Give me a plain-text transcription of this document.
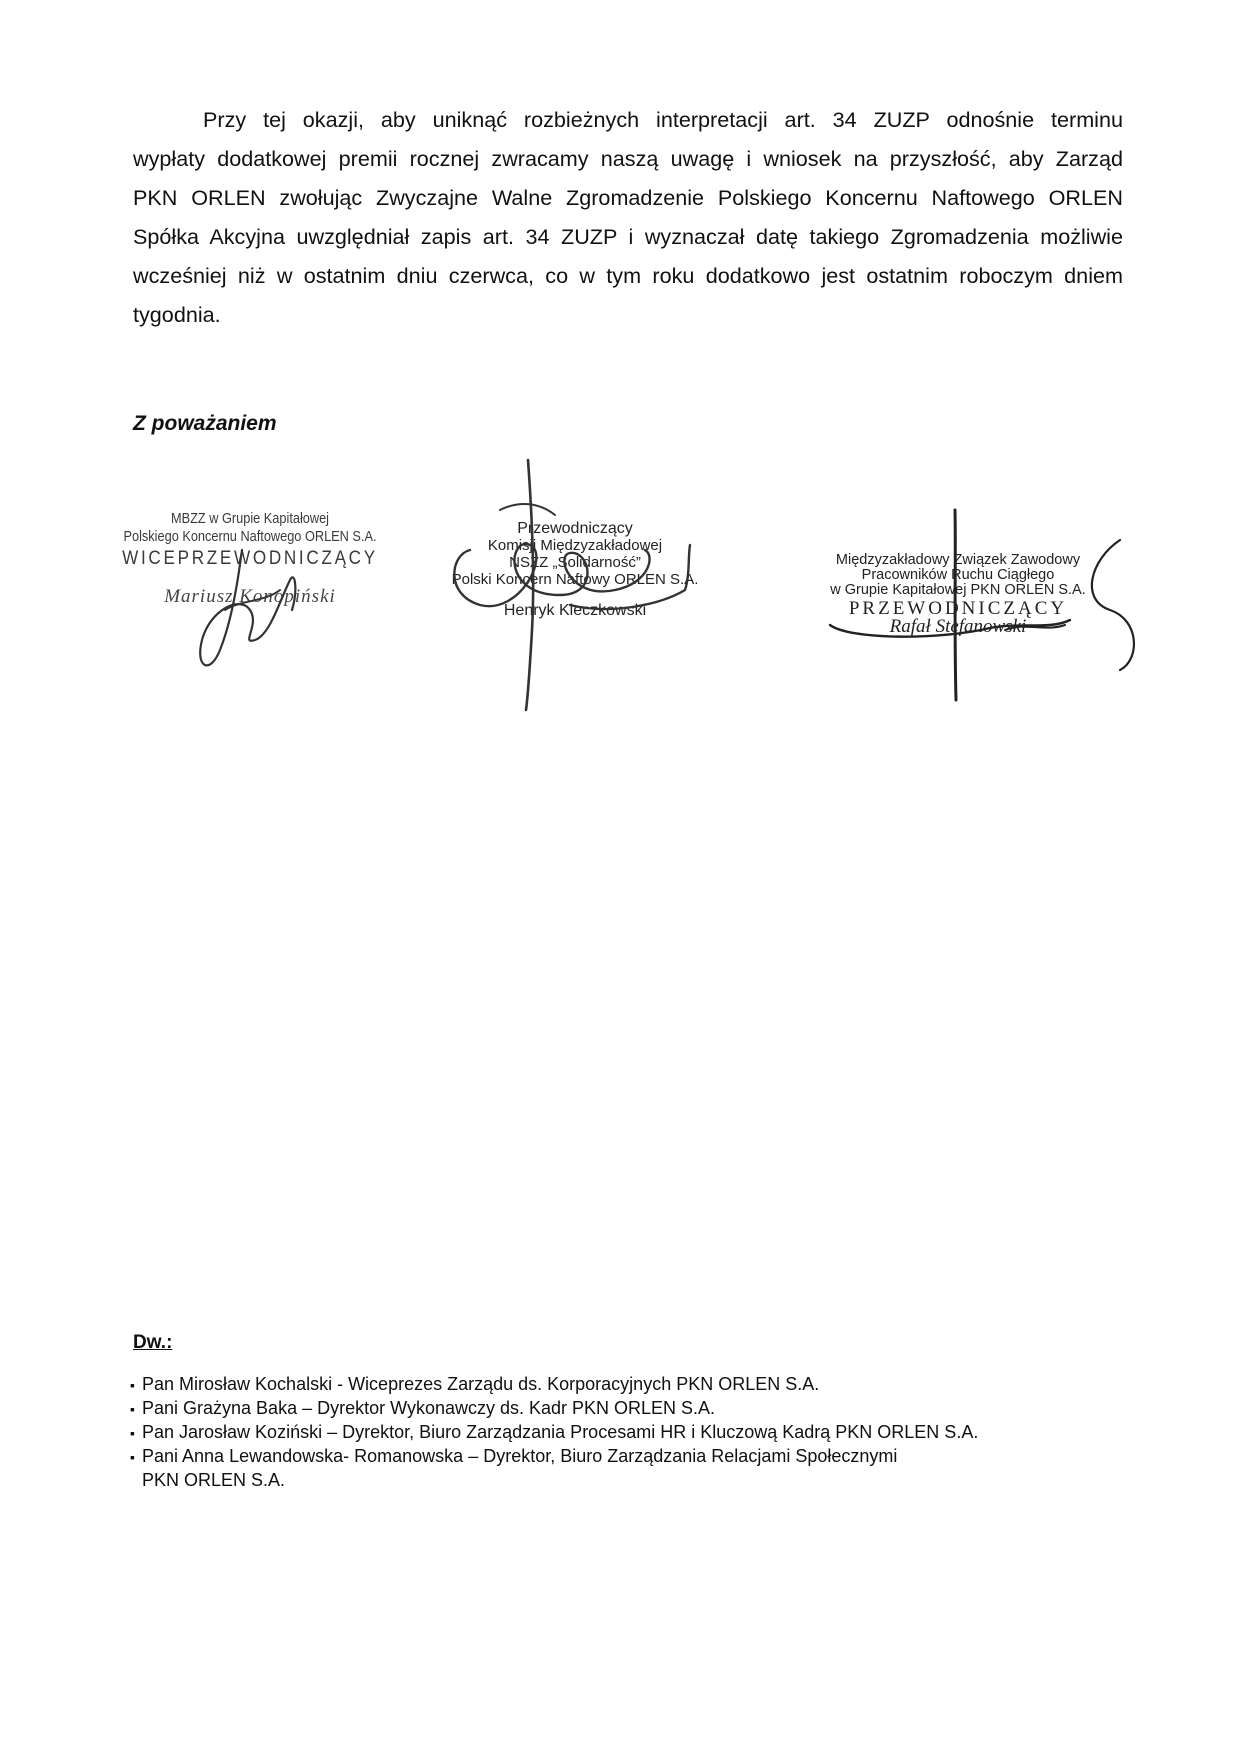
Przy tej okazji, aby uniknąć rozbieżnych interpretacji art. 34 ZUZP odnośnie terminu
wypłaty dodatkowej premii rocznej zwracamy naszą uwagę i wniosek na przyszłość, aby Zarząd
PKN ORLEN zwołując Zwyczajne Walne Zgromadzenie Polskiego Koncernu Naftowego ORLEN
Spółka Akcyjna uwzględniał zapis art. 34 ZUZP i wyznaczał datę takiego Zgromadzenia możliwie
wcześniej niż w ostatnim dniu czerwca, co w tym roku dodatkowo jest ostatnim roboczym dniem
tygodnia.
Z poważaniem
MBZZ w Grupie Kapitałowej
Polskiego Koncernu Naftowego ORLEN S.A.
WICEPRZEWODNICZĄCY
Mariusz Konopiński
Przewodniczący
Komisji Międzyzakładowej
NSZZ „Solidarność”
Polski Koncern Naftowy ORLEN S.A.
Henryk Kleczkowski
Międzyzakładowy Związek Zawodowy
Pracowników Ruchu Ciągłego
w Grupie Kapitałowej PKN ORLEN S.A.
PRZEWODNICZĄCY
Rafał Stefanowski
Dw.:
▪ Pan Mirosław Kochalski - Wiceprezes Zarządu ds. Korporacyjnych PKN ORLEN S.A.
▪ Pani Grażyna Baka – Dyrektor Wykonawczy ds. Kadr PKN ORLEN S.A.
▪ Pan Jarosław Koziński – Dyrektor, Biuro Zarządzania Procesami HR i Kluczową Kadrą PKN ORLEN S.A.
▪ Pani Anna Lewandowska- Romanowska – Dyrektor, Biuro Zarządzania Relacjami Społecznymi
PKN ORLEN S.A.
